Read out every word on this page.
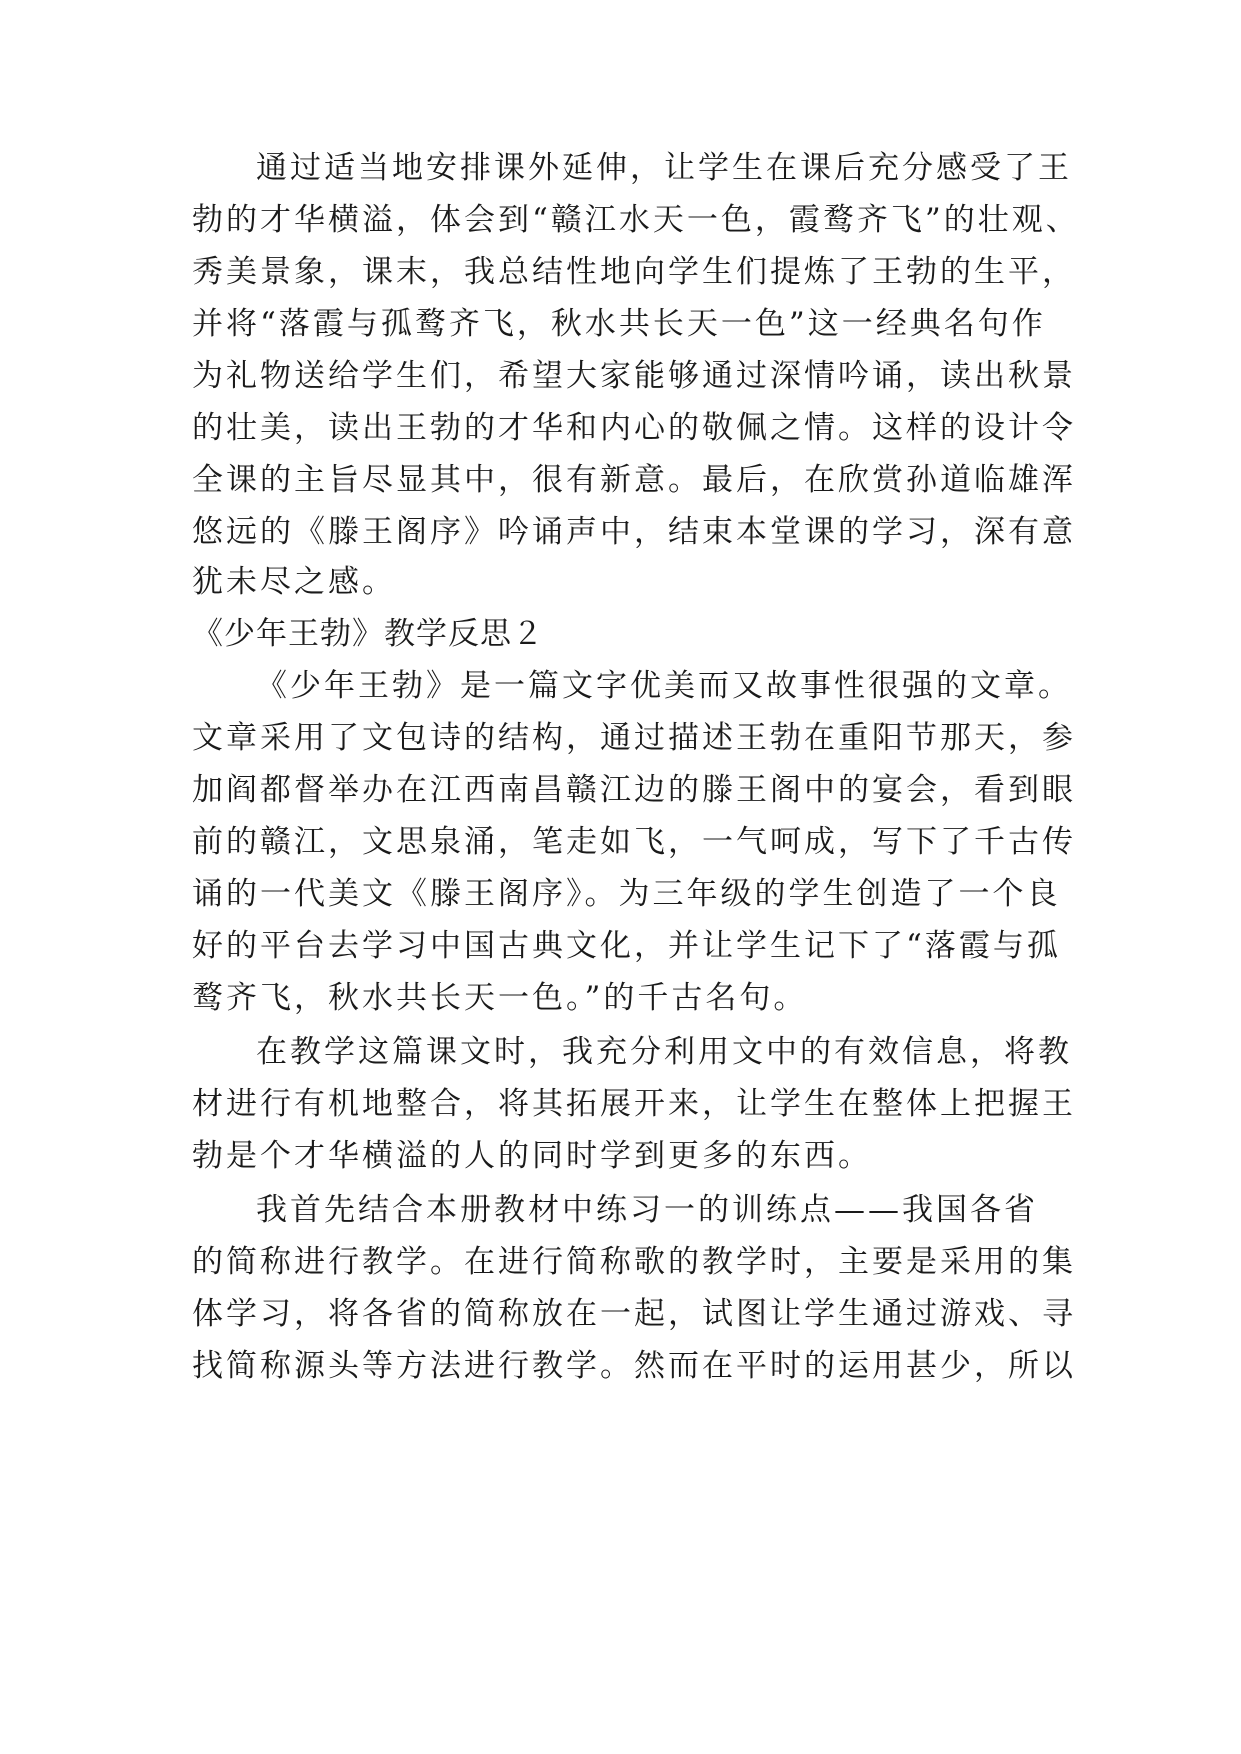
通过适当地安排课外延伸，让学生在课后充分感受了王
勃的才华横溢，体会到“赣江水天一色，霞鹜齐飞”的壮观、
秀美景象，课末，我总结性地向学生们提炼了王勃的生平，
并将“落霞与孤鹜齐飞，秋水共长天一色”这一经典名句作
为礼物送给学生们，希望大家能够通过深情吟诵，读出秋景
的壮美，读出王勃的才华和内心的敬佩之情。这样的设计令
全课的主旨尽显其中，很有新意。最后，在欣赏孙道临雄浑
悠远的《滕王阁序》吟诵声中，结束本堂课的学习，深有意
犹未尽之感。
《少年王勃》教学反思２
《少年王勃》是一篇文字优美而又故事性很强的文章。
文章采用了文包诗的结构，通过描述王勃在重阳节那天，参
加阎都督举办在江西南昌赣江边的滕王阁中的宴会，看到眼
前的赣江，文思泉涌，笔走如飞，一气呵成，写下了千古传
诵的一代美文《滕王阁序》。为三年级的学生创造了一个良
好的平台去学习中国古典文化，并让学生记下了“落霞与孤
鹜齐飞，秋水共长天一色。”的千古名句。
在教学这篇课文时，我充分利用文中的有效信息，将教
材进行有机地整合，将其拓展开来，让学生在整体上把握王
勃是个才华横溢的人的同时学到更多的东西。
我首先结合本册教材中练习一的训练点——我国各省
的简称进行教学。在进行简称歌的教学时，主要是采用的集
体学习，将各省的简称放在一起，试图让学生通过游戏、寻
找简称源头等方法进行教学。然而在平时的运用甚少，所以
